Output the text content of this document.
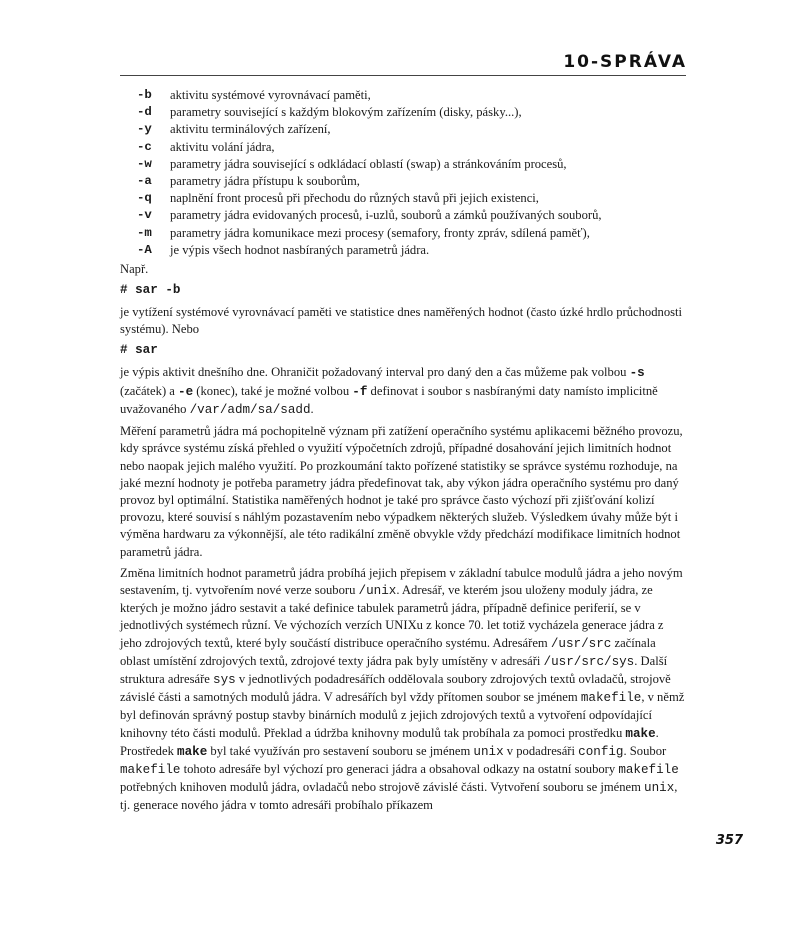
10-SPRÁVA
-b	aktivitu systémové vyrovnávací paměti,
-d	parametry související s každým blokovým zařízením (disky, pásky...),
-y	aktivitu terminálových zařízení,
-c	aktivitu volání jádra,
-w	parametry jádra související s odkládací oblastí (swap) a stránkováním procesů,
-a	parametry jádra přístupu k souborům,
-q	naplnění front procesů při přechodu do různých stavů při jejich existenci,
-v	parametry jádra evidovaných procesů, i-uzlů, souborů a zámků používaných souborů,
-m	parametry jádra komunikace mezi procesy (semafory, fronty zpráv, sdílená paměť),
-A	je výpis všech hodnot nasbíraných parametrů jádra.
Např.
# sar -b
je vytížení systémové vyrovnávací paměti ve statistice dnes naměřených hodnot (často úzké hrdlo průchodnosti systému). Nebo
# sar
je výpis aktivit dnešního dne. Ohraničit požadovaný interval pro daný den a čas můžeme pak volbou -s (začátek) a -e (konec), také je možné volbou -f definovat i soubor s nasbíranými daty namísto implicitně uvažovaného /var/adm/sa/sadd.
Měření parametrů jádra má pochopitelně význam při zatížení operačního systému aplikacemi běžného provozu, kdy správce systému získá přehled o využití výpočetních zdrojů, případné dosahování jejich limitních hodnot nebo naopak jejich malého využití. Po prozkoumání takto pořízené statistiky se správce systému rozhoduje, na jaké mezní hodnoty je potřeba parametry jádra předefinovat tak, aby výkon jádra operačního systému pro daný provoz byl optimální. Statistika naměřených hodnot je také pro správce často výchozí při zjišťování kolizí provozu, které souvisí s náhlým pozastavením nebo výpadkem některých služeb. Výsledkem úvahy může být i výměna hardwaru za výkonnější, ale této radikální změně obvykle vždy předchází modifikace limitních hodnot parametrů jádra.
Změna limitních hodnot parametrů jádra probíhá jejich přepisem v základní tabulce modulů jádra a jeho novým sestavením, tj. vytvořením nové verze souboru /unix. Adresář, ve kterém jsou uloženy moduly jádra, ze kterých je možno jádro sestavit a také definice tabulek parametrů jádra, případně definice periferií, se v jednotlivých systémech různí. Ve výchozích verzích UNIXu z konce 70. let totiž vycházela generace jádra z jeho zdrojových textů, které byly součástí distribuce operačního systému. Adresářem /usr/src začínala oblast umístění zdrojových textů, zdrojové texty jádra pak byly umístěny v adresáři /usr/src/sys. Další struktura adresáře sys v jednotlivých podadresářích oddělovala soubory zdrojových textů ovladačů, strojově závislé části a samotných modulů jádra. V adresářích byl vždy přítomen soubor se jménem makefile, v němž byl definován správný postup stavby binárních modulů z jejich zdrojových textů a vytvoření odpovídající knihovny této části modulů. Překlad a údržba knihovny modulů tak probíhala za pomoci prostředku make. Prostředek make byl také využíván pro sestavení souboru se jménem unix v podadresáři config. Soubor makefile tohoto adresáře byl výchozí pro generaci jádra a obsahoval odkazy na ostatní soubory makefile potřebných knihoven modulů jádra, ovladačů nebo strojově závislé části. Vytvoření souboru se jménem unix, tj. generace nového jádra v tomto adresáři probíhalo příkazem
357
